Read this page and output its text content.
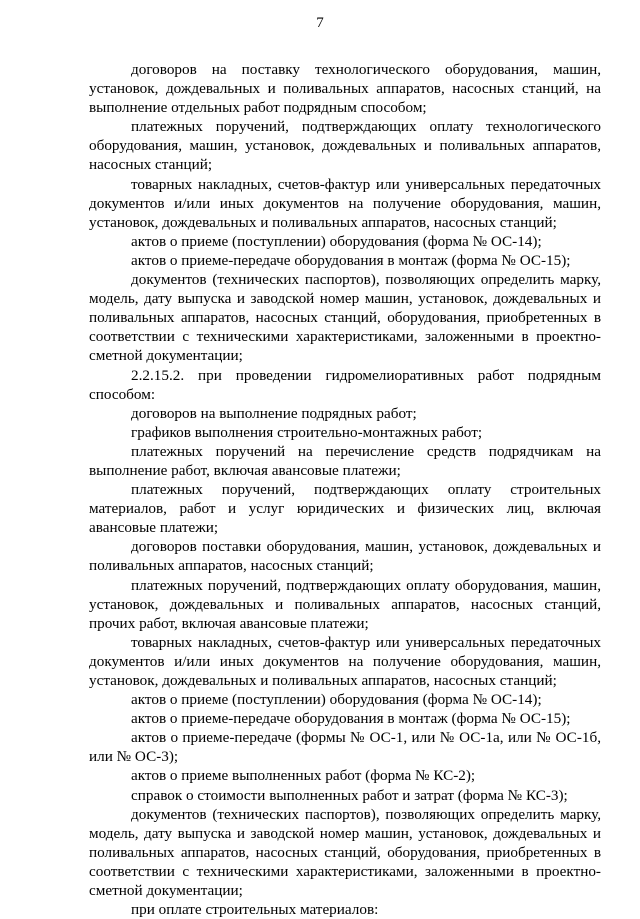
7

договоров на поставку технологического оборудования, машин, установок, дождевальных и поливальных аппаратов, насосных станций, на выполнение отдельных работ подрядным способом;

платежных поручений, подтверждающих оплату технологического оборудования, машин, установок, дождевальных и поливальных аппаратов, насосных станций;

товарных накладных, счетов-фактур или универсальных передаточных документов и/или иных документов на получение оборудования, машин, установок, дождевальных и поливальных аппаратов, насосных станций;

актов о приеме (поступлении) оборудования (форма № ОС-14);

актов о приеме-передаче оборудования в монтаж (форма № ОС-15);

документов (технических паспортов), позволяющих определить марку, модель, дату выпуска и заводской номер машин, установок, дождевальных и поливальных аппаратов, насосных станций, оборудования, приобретенных в соответствии с техническими характеристиками, заложенными в проектно-сметной документации;

2.2.15.2. при проведении гидромелиоративных работ подрядным способом:

договоров на выполнение подрядных работ;

графиков выполнения строительно-монтажных работ;

платежных поручений на перечисление средств подрядчикам на выполнение работ, включая авансовые платежи;

платежных поручений, подтверждающих оплату строительных материалов, работ и услуг юридических и физических лиц, включая авансовые платежи;

договоров поставки оборудования, машин, установок, дождевальных и поливальных аппаратов, насосных станций;

платежных поручений, подтверждающих оплату оборудования, машин, установок, дождевальных и поливальных аппаратов, насосных станций, прочих работ, включая авансовые платежи;

товарных накладных, счетов-фактур или универсальных передаточных документов и/или иных документов на получение оборудования, машин, установок, дождевальных и поливальных аппаратов, насосных станций;

актов о приеме (поступлении) оборудования (форма № ОС-14);

актов о приеме-передаче оборудования в монтаж (форма № ОС-15);

актов о приеме-передаче (формы № ОС-1, или № ОС-1а, или № ОС-1б, или № ОС-3);

актов о приеме выполненных работ (форма № КС-2);

справок о стоимости выполненных работ и затрат (форма № КС-3);

документов (технических паспортов), позволяющих определить марку, модель, дату выпуска и заводской номер машин, установок, дождевальных и поливальных аппаратов, насосных станций, оборудования, приобретенных в соответствии с техническими характеристиками, заложенными в проектно-сметной документации;

при оплате строительных материалов:
